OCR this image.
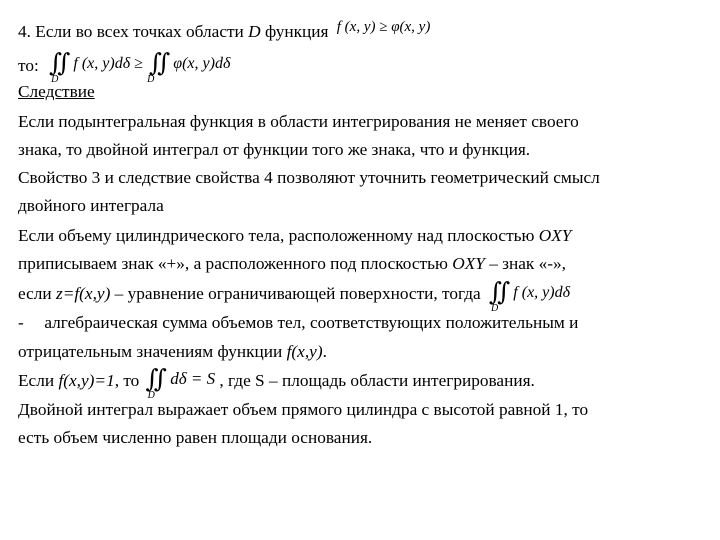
4. Если во всех точках области D функция f (x, y) ≥ φ(x, y)
то: ∬ f (x, y)dδ ≥ ∬ φ(x, y)dδ
D	D
Следствие
Если подынтегральная функция в области интегрирования не меняет своего
знака, то двойной интеграл от функции того же знака, что и функция.
Свойство 3 и следствие свойства 4 позволяют уточнить геометрический смысл
двойного интеграла
Если объему цилиндрического тела, расположенному над плоскостью OXY
приписываем знак «+», а расположенного под плоскостью OXY – знак «-»,
если z=f(x,y) – уравнение ограничивающей поверхности, тогда ∬ f (x, y)dδ
D
- алгебраическая сумма объемов тел, соответствующих положительным и
отрицательным значениям функции f(x,y).
Если f(x,y)=1, то ∬ dδ = S
D
, где S – площадь области интегрирования.
Двойной интеграл выражает объем прямого цилиндра с высотой равной 1, то
есть объем численно равен площади основания.
